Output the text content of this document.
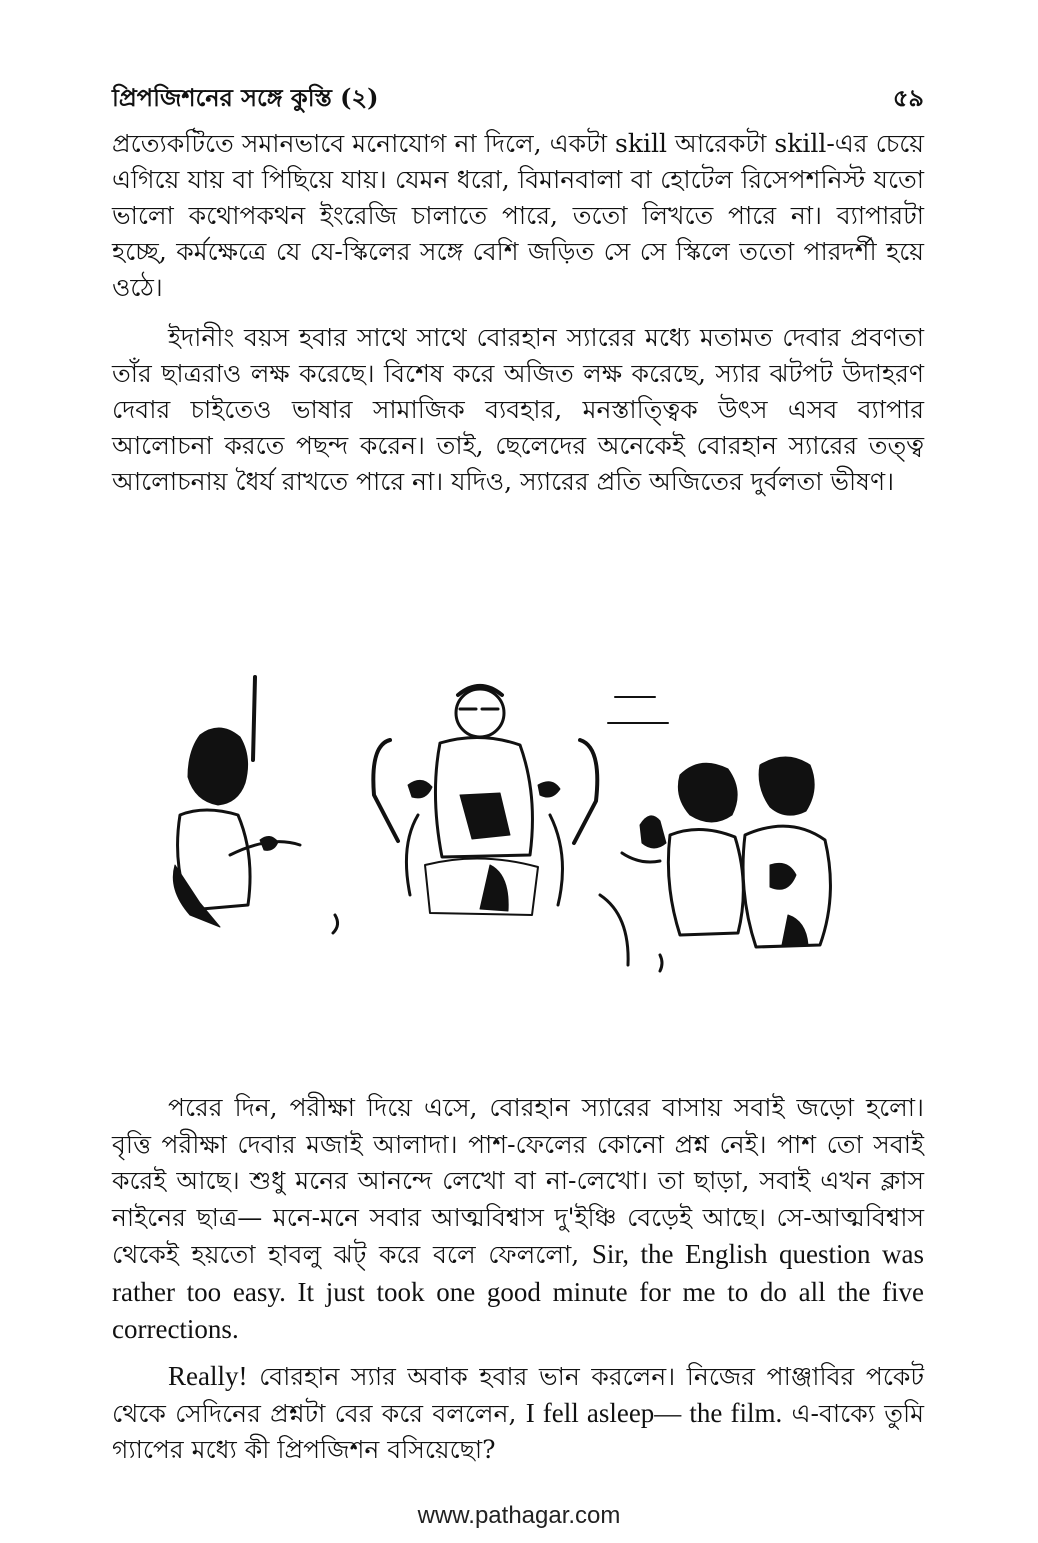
প্রিপজিশনের সঙ্গে কুস্তি (২)	৫৯

প্রত্যেকটিতে সমানভাবে মনোযোগ না দিলে, একটা skill আরেকটা skill-এর চেয়ে এগিয়ে যায় বা পিছিয়ে যায়। যেমন ধরো, বিমানবালা বা হোটেল রিসেপশনিস্ট যতো ভালো কথোপকথন ইংরেজি চালাতে পারে, ততো লিখতে পারে না। ব্যাপারটা হচ্ছে, কর্মক্ষেত্রে যে যে-স্কিলের সঙ্গে বেশি জড়িত সে সে স্কিলে ততো পারদর্শী হয়ে ওঠে।

ইদানীং বয়স হবার সাথে সাথে বোরহান স্যারের মধ্যে মতামত দেবার প্রবণতা তাঁর ছাত্ররাও লক্ষ করেছে। বিশেষ করে অজিত লক্ষ করেছে, স্যার ঝটপট উদাহরণ দেবার চাইতেও ভাষার সামাজিক ব্যবহার, মনস্তাত্ত্বিক উৎস এসব ব্যাপার আলোচনা করতে পছন্দ করেন। তাই, ছেলেদের অনেকেই বোরহান স্যারের তত্ত্ব আলোচনায় ধৈর্য রাখতে পারে না। যদিও, স্যারের প্রতি অজিতের দুর্বলতা ভীষণ।

পরের দিন, পরীক্ষা দিয়ে এসে, বোরহান স্যারের বাসায় সবাই জড়ো হলো। বৃত্তি পরীক্ষা দেবার মজাই আলাদা। পাশ-ফেলের কোনো প্রশ্ন নেই। পাশ তো সবাই করেই আছে। শুধু মনের আনন্দে লেখো বা না-লেখো। তা ছাড়া, সবাই এখন ক্লাস নাইনের ছাত্র— মনে-মনে সবার আত্মবিশ্বাস দু'ইঞ্চি বেড়েই আছে। সে-আত্মবিশ্বাস থেকেই হয়তো হাবলু ঝট্ করে বলে ফেললো, Sir, the English question was rather too easy. It just took one good minute for me to do all the five corrections.

Really! বোরহান স্যার অবাক হবার ভান করলেন। নিজের পাঞ্জাবির পকেট থেকে সেদিনের প্রশ্নটা বের করে বললেন, I fell asleep— the film. এ-বাক্যে তুমি গ্যাপের মধ্যে কী প্রিপজিশন বসিয়েছো?

www.pathagar.com
